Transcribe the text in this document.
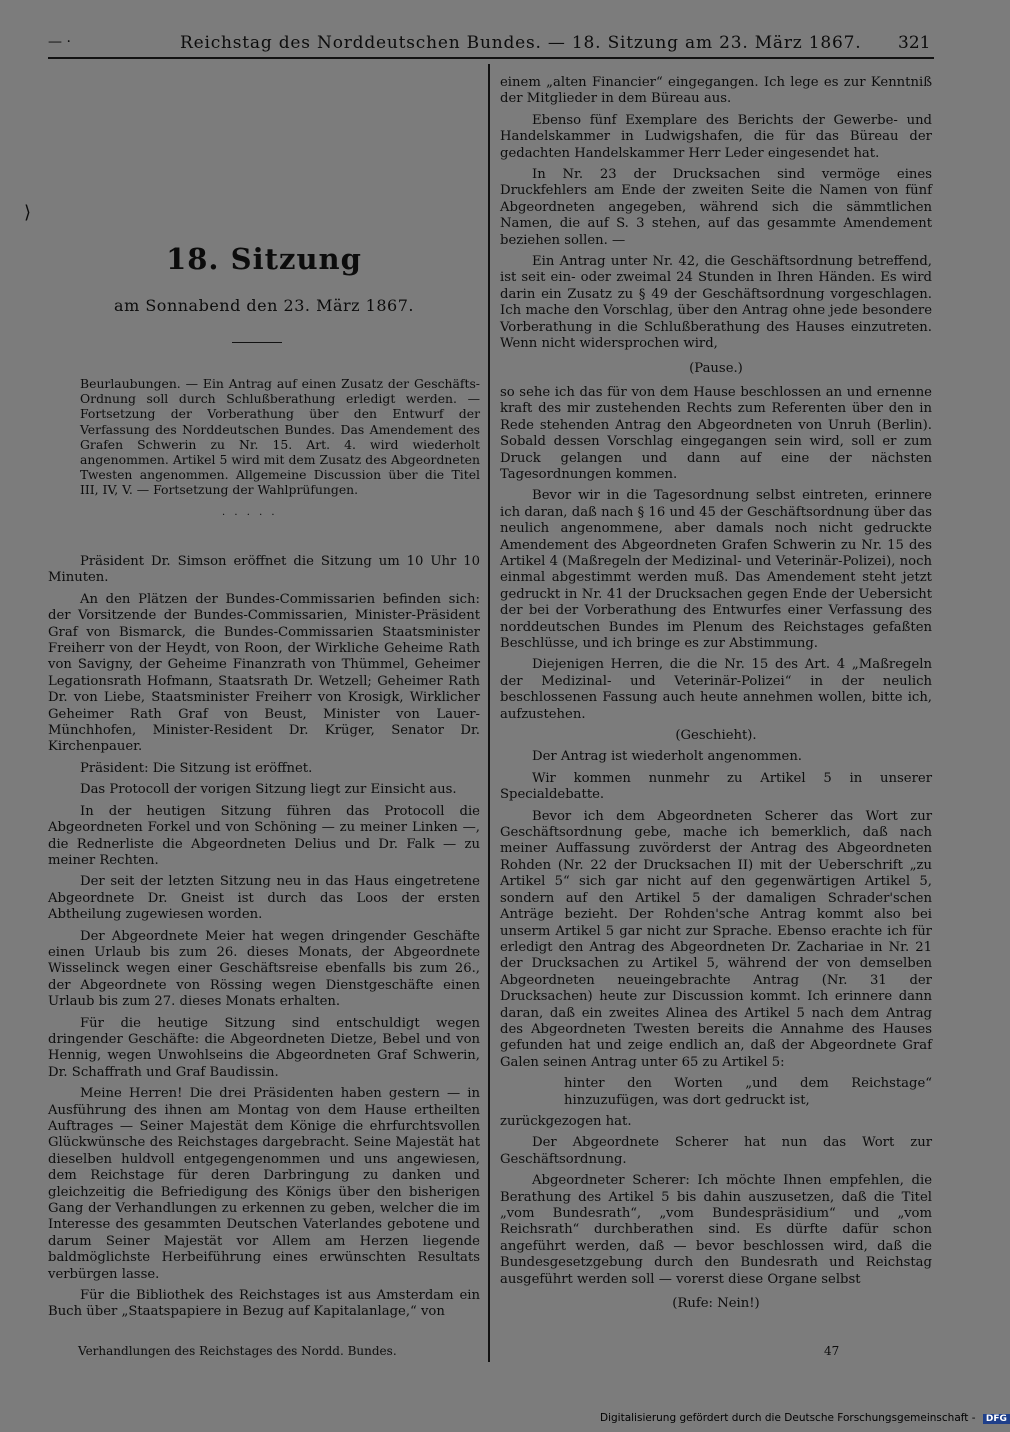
— ·	Reichstag des Norddeutschen Bundes. — 18. Sitzung am 23. März 1867. 321
⟩
18. Sitzung
am Sonnabend den 23. März 1867.

Beurlaubungen. — Ein Antrag auf einen Zusatz der Geschäfts-Ordnung soll durch Schlußberathung erledigt werden. — Fortsetzung der Vorberathung über den Entwurf der Verfassung des Norddeutschen Bundes. Das Amendement des Grafen Schwerin zu Nr. 15. Art. 4. wird wiederholt angenommen. Artikel 5 wird mit dem Zusatz des Abgeordneten Twesten angenommen. Allgemeine Discussion über die Titel III, IV, V. — Fortsetzung der Wahlprüfungen.

· · · · ·

Präsident Dr. Simson eröffnet die Sitzung um 10 Uhr 10 Minuten.

An den Plätzen der Bundes-Commissarien befinden sich: der Vorsitzende der Bundes-Commissarien, Minister-Präsident Graf von Bismarck, die Bundes-Commissarien Staatsminister Freiherr von der Heydt, von Roon, der Wirkliche Geheime Rath von Savigny, der Geheime Finanzrath von Thümmel, Geheimer Legationsrath Hofmann, Staatsrath Dr. Wetzell; Geheimer Rath Dr. von Liebe, Staatsminister Freiherr von Krosigk, Wirklicher Geheimer Rath Graf von Beust, Minister von Lauer-Münchhofen, Minister-Resident Dr. Krüger, Senator Dr. Kirchenpauer.

Präsident: Die Sitzung ist eröffnet.

Das Protocoll der vorigen Sitzung liegt zur Einsicht aus.

In der heutigen Sitzung führen das Protocoll die Abgeordneten Forkel und von Schöning — zu meiner Linken —, die Rednerliste die Abgeordneten Delius und Dr. Falk — zu meiner Rechten.

Der seit der letzten Sitzung neu in das Haus eingetretene Abgeordnete Dr. Gneist ist durch das Loos der ersten Abtheilung zugewiesen worden.

Der Abgeordnete Meier hat wegen dringender Geschäfte einen Urlaub bis zum 26. dieses Monats, der Abgeordnete Wisselinck wegen einer Geschäftsreise ebenfalls bis zum 26., der Abgeordnete von Rössing wegen Dienstgeschäfte einen Urlaub bis zum 27. dieses Monats erhalten.

Für die heutige Sitzung sind entschuldigt wegen dringender Geschäfte: die Abgeordneten Dietze, Bebel und von Hennig, wegen Unwohlseins die Abgeordneten Graf Schwerin, Dr. Schaffrath und Graf Baudissin.

Meine Herren! Die drei Präsidenten haben gestern — in Ausführung des ihnen am Montag von dem Hause ertheilten Auftrages — Seiner Majestät dem Könige die ehrfurchtsvollen Glückwünsche des Reichstages dargebracht. Seine Majestät hat dieselben huldvoll entgegengenommen und uns angewiesen, dem Reichstage für deren Darbringung zu danken und gleichzeitig die Befriedigung des Königs über den bisherigen Gang der Verhandlungen zu erkennen zu geben, welcher die im Interesse des gesammten Deutschen Vaterlandes gebotene und darum Seiner Majestät vor Allem am Herzen liegende baldmöglichste Herbeiführung eines erwünschten Resultats verbürgen lasse.

Für die Bibliothek des Reichstages ist aus Amsterdam ein Buch über „Staatspapiere in Bezug auf Kapitalanlage,“ von

einem „alten Financier“ eingegangen. Ich lege es zur Kenntniß der Mitglieder in dem Büreau aus.

Ebenso fünf Exemplare des Berichts der Gewerbe- und Handelskammer in Ludwigshafen, die für das Büreau der gedachten Handelskammer Herr Leder eingesendet hat.

In Nr. 23 der Drucksachen sind vermöge eines Druckfehlers am Ende der zweiten Seite die Namen von fünf Abgeordneten angegeben, während sich die sämmtlichen Namen, die auf S. 3 stehen, auf das gesammte Amendement beziehen sollen. —

Ein Antrag unter Nr. 42, die Geschäftsordnung betreffend, ist seit ein- oder zweimal 24 Stunden in Ihren Händen. Es wird darin ein Zusatz zu § 49 der Geschäftsordnung vorgeschlagen. Ich mache den Vorschlag, über den Antrag ohne jede besondere Vorberathung in die Schlußberathung des Hauses einzutreten. Wenn nicht widersprochen wird,

(Pause.)

so sehe ich das für von dem Hause beschlossen an und ernenne kraft des mir zustehenden Rechts zum Referenten über den in Rede stehenden Antrag den Abgeordneten von Unruh (Berlin). Sobald dessen Vorschlag eingegangen sein wird, soll er zum Druck gelangen und dann auf eine der nächsten Tagesordnungen kommen.

Bevor wir in die Tagesordnung selbst eintreten, erinnere ich daran, daß nach § 16 und 45 der Geschäftsordnung über das neulich angenommene, aber damals noch nicht gedruckte Amendement des Abgeordneten Grafen Schwerin zu Nr. 15 des Artikel 4 (Maßregeln der Medizinal- und Veterinär-Polizei), noch einmal abgestimmt werden muß. Das Amendement steht jetzt gedruckt in Nr. 41 der Drucksachen gegen Ende der Uebersicht der bei der Vorberathung des Entwurfes einer Verfassung des norddeutschen Bundes im Plenum des Reichstages gefaßten Beschlüsse, und ich bringe es zur Abstimmung.

Diejenigen Herren, die die Nr. 15 des Art. 4 „Maßregeln der Medizinal- und Veterinär-Polizei“ in der neulich beschlossenen Fassung auch heute annehmen wollen, bitte ich, aufzustehen.

(Geschieht).

Der Antrag ist wiederholt angenommen.

Wir kommen nunmehr zu Artikel 5 in unserer Specialdebatte.

Bevor ich dem Abgeordneten Scherer das Wort zur Geschäftsordnung gebe, mache ich bemerklich, daß nach meiner Auffassung zuvörderst der Antrag des Abgeordneten Rohden (Nr. 22 der Drucksachen II) mit der Ueberschrift „zu Artikel 5“ sich gar nicht auf den gegenwärtigen Artikel 5, sondern auf den Artikel 5 der damaligen Schrader'schen Anträge bezieht. Der Rohden'sche Antrag kommt also bei unserm Artikel 5 gar nicht zur Sprache. Ebenso erachte ich für erledigt den Antrag des Abgeordneten Dr. Zachariae in Nr. 21 der Drucksachen zu Artikel 5, während der von demselben Abgeordneten neueingebrachte Antrag (Nr. 31 der Drucksachen) heute zur Discussion kommt. Ich erinnere dann daran, daß ein zweites Alinea des Artikel 5 nach dem Antrag des Abgeordneten Twesten bereits die Annahme des Hauses gefunden hat und zeige endlich an, daß der Abgeordnete Graf Galen seinen Antrag unter 65 zu Artikel 5:

hinter den Worten „und dem Reichstage“ hinzuzufügen, was dort gedruckt ist,

zurückgezogen hat.

Der Abgeordnete Scherer hat nun das Wort zur Geschäftsordnung.

Abgeordneter Scherer: Ich möchte Ihnen empfehlen, die Berathung des Artikel 5 bis dahin auszusetzen, daß die Titel „vom Bundesrath“, „vom Bundespräsidium“ und „vom Reichsrath“ durchberathen sind. Es dürfte dafür schon angeführt werden, daß — bevor beschlossen wird, daß die Bundesgesetzgebung durch den Bundesrath und Reichstag ausgeführt werden soll — vorerst diese Organe selbst

(Rufe: Nein!)

Verhandlungen des Reichstages des Nordd. Bundes.	47
Digitalisierung gefördert durch die Deutsche Forschungsgemeinschaft - DFG
